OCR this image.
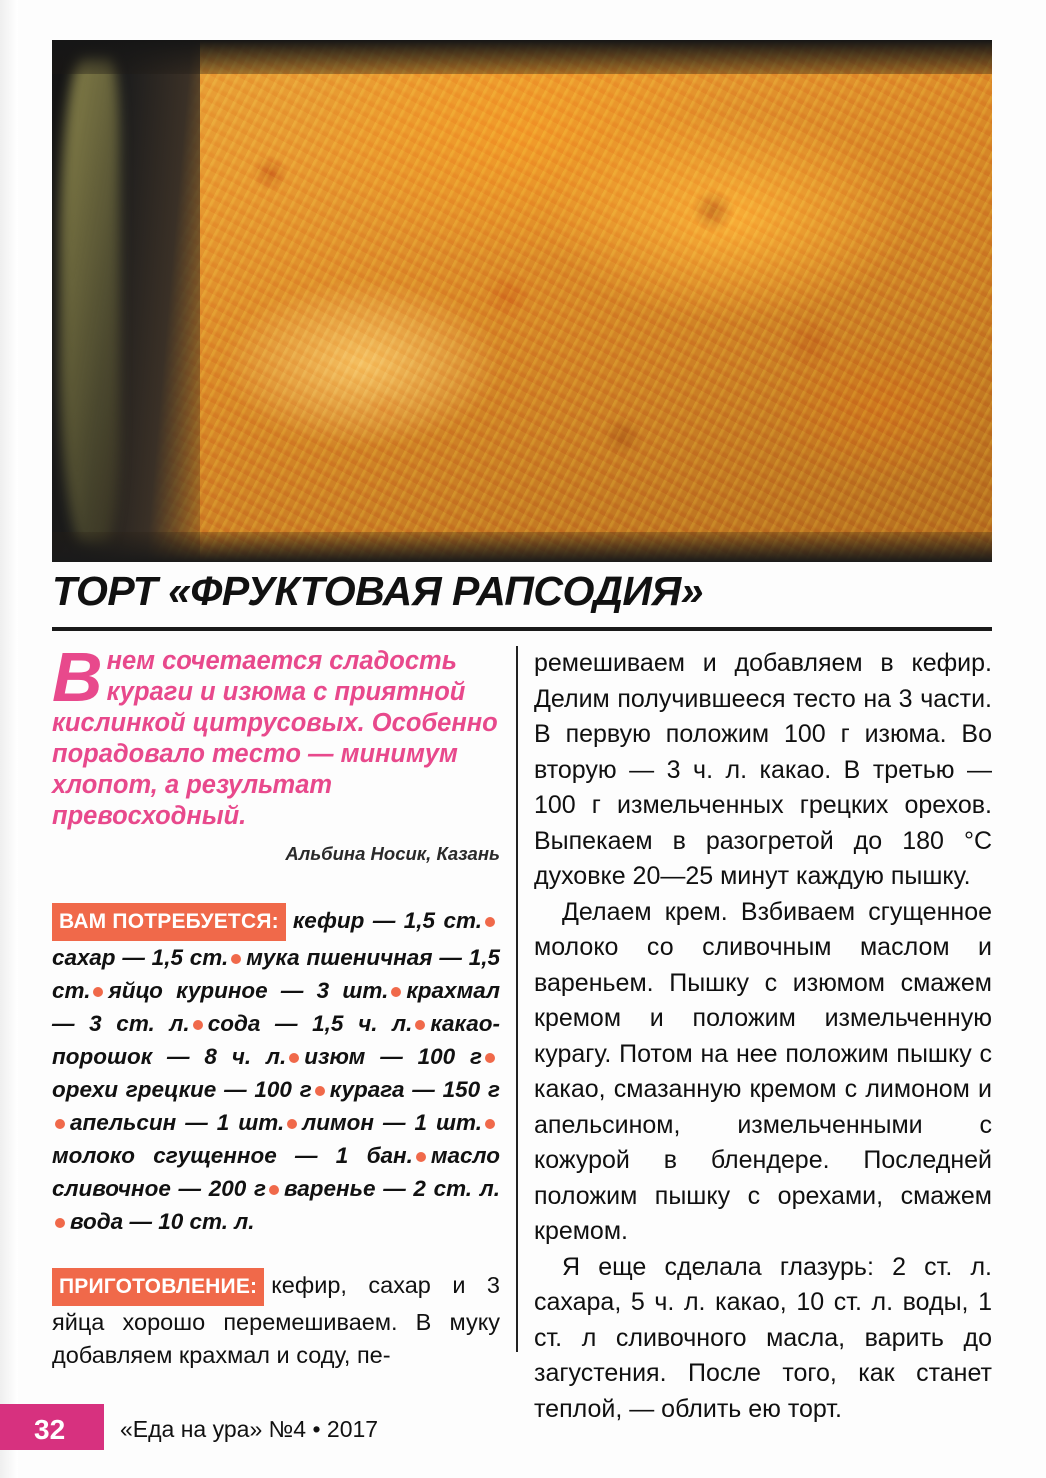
ТОРТ «ФРУКТОВАЯ РАПСОДИЯ»
Внем сочетается сладость кураги и изюма с приятной кислинкой цитрусовых. Особенно порадовало тесто — минимум хлопот, а результат превосходный.
Альбина Носик, Казань
ВАМ ПОТРЕБУЕТСЯ: кефир — 1,5 ст.сахар — 1,5 ст. мука пшеничная — 1,5 ст. яйцо куриное — 3 шт. крахмал — 3 ст. л. сода — 1,5 ч. л. какао-порошок — 8 ч. л. изюм — 100 горехи грецкие — 100 г курага — 150 гапельсин — 1 шт. лимон — 1 шт.молоко сгущенное — 1 бан. масло сливочное — 200 г варенье — 2 ст. л.вода — 10 ст. л.
ПРИГОТОВЛЕНИЕ: кефир, сахар и 3 яйца хорошо перемешиваем. В муку добавляем крахмал и соду, пе-

ремешиваем и добавляем в кефир. Делим получившееся тесто на 3 части. В первую положим 100 г изюма. Во вторую — 3 ч. л. какао. В третью — 100 г измельченных грецких орехов. Выпекаем в разогретой до 180 °C духовке 20—25 минут каждую пышку.

Делаем крем. Взбиваем сгущенное молоко со сливочным маслом и вареньем. Пышку с изюмом смажем кремом и положим измельченную курагу. Потом на нее положим пышку с какао, смазанную кремом с лимоном и апельсином, измельченными с кожурой в блендере. Последней положим пышку с орехами, смажем кремом.

Я еще сделала глазурь: 2 ст. л. сахара, 5 ч. л. какао, 10 ст. л. воды, 1 ст. л сливочного масла, варить до загустения. После того, как станет теплой, — облить ею торт.

32 «Еда на ура» №4 • 2017
